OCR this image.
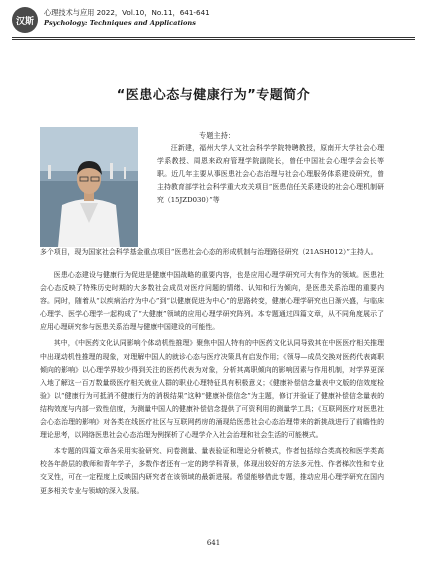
汉斯
心理技术与应用 2022，Vol.10，No.11，641-641
Psychology: Techniques and Applications
“医患心态与健康行为”专题简介
专题主持：
汪新建，福州大学人文社会科学学院特聘教授，原南开大学社会心理学系教授、周恩来政府管理学院副院长，曾任中国社会心理学会会长等职。近几年主要从事医患社会心态治理与社会心理服务体系建设研究，曾主持教育部学社会科学重大攻关项目“医患信任关系建设的社会心理机制研究（15JZD030）”等
多个项目，现为国家社会科学基金重点项目“医患社会心态的形成机制与治理路径研究（21ASH012）”主持人。

医患心态建设与健康行为促进是健康中国战略的重要内容，也是应用心理学研究可大有作为的领域。医患社会心态反映了特殊历史时期的大多数社会成员对医疗问题的情绪、认知和行为倾向，是医患关系治理的重要内容。同时，随着从“以疾病治疗为中心”到“以健康促进为中心”的思路转变，健康心理学研究也日渐兴盛，与临床心理学、医学心理学一起构成了“大健康”领域的应用心理学研究阵列。本专题通过四篇文章，从不同角度展示了应用心理研究参与医患关系治理与健康中国建设的可能性。

其中，《中医药文化认同影响个体动机性推理》聚焦中国人特有的中医药文化认同导致其在中医医疗相关推理中出现动机性推理的现象，对理解中国人的就诊心态与医疗决策具有启发作用；《领导—成员交换对医药代表离职倾向的影响》以心理学界较少得到关注的医药代表为对象，分析其离职倾向的影响因素与作用机制，对学界更深入地了解这一百万数量级医疗相关就业人群的职业心理特征具有积极意义；《健康补偿信念量表中文版的信效度检验》以“健康行为可抵消不健康行为的消极结果”这种“健康补偿信念”为主题，修订并验证了健康补偿信念量表的结构效度与内部一致性信度，为测量中国人的健康补偿信念提供了可资利用的测量学工具；《互联网医疗对医患社会心态治理的影响》对各类在线医疗社区与互联网药房的涌现给医患社会心态治理带来的新挑战进行了前瞻性的理论思考，以网络医患社会心态治理为例探析了心理学介入社会治理和社会生活的可能模式。

本专题的四篇文章各采用实验研究、问卷测量、量表验证和理论分析模式，作者包括综合类高校和医学类高校各年龄层的教师和青年学子，多数作者还有一定的跨学科背景，体现出较好的方法多元性、作者梯次性和专业交叉性，可在一定程度上反映国内研究者在该领域的最新进展。希望能够借此专题，推动应用心理学研究在国内更多相关专业与领域的深入发展。

641
